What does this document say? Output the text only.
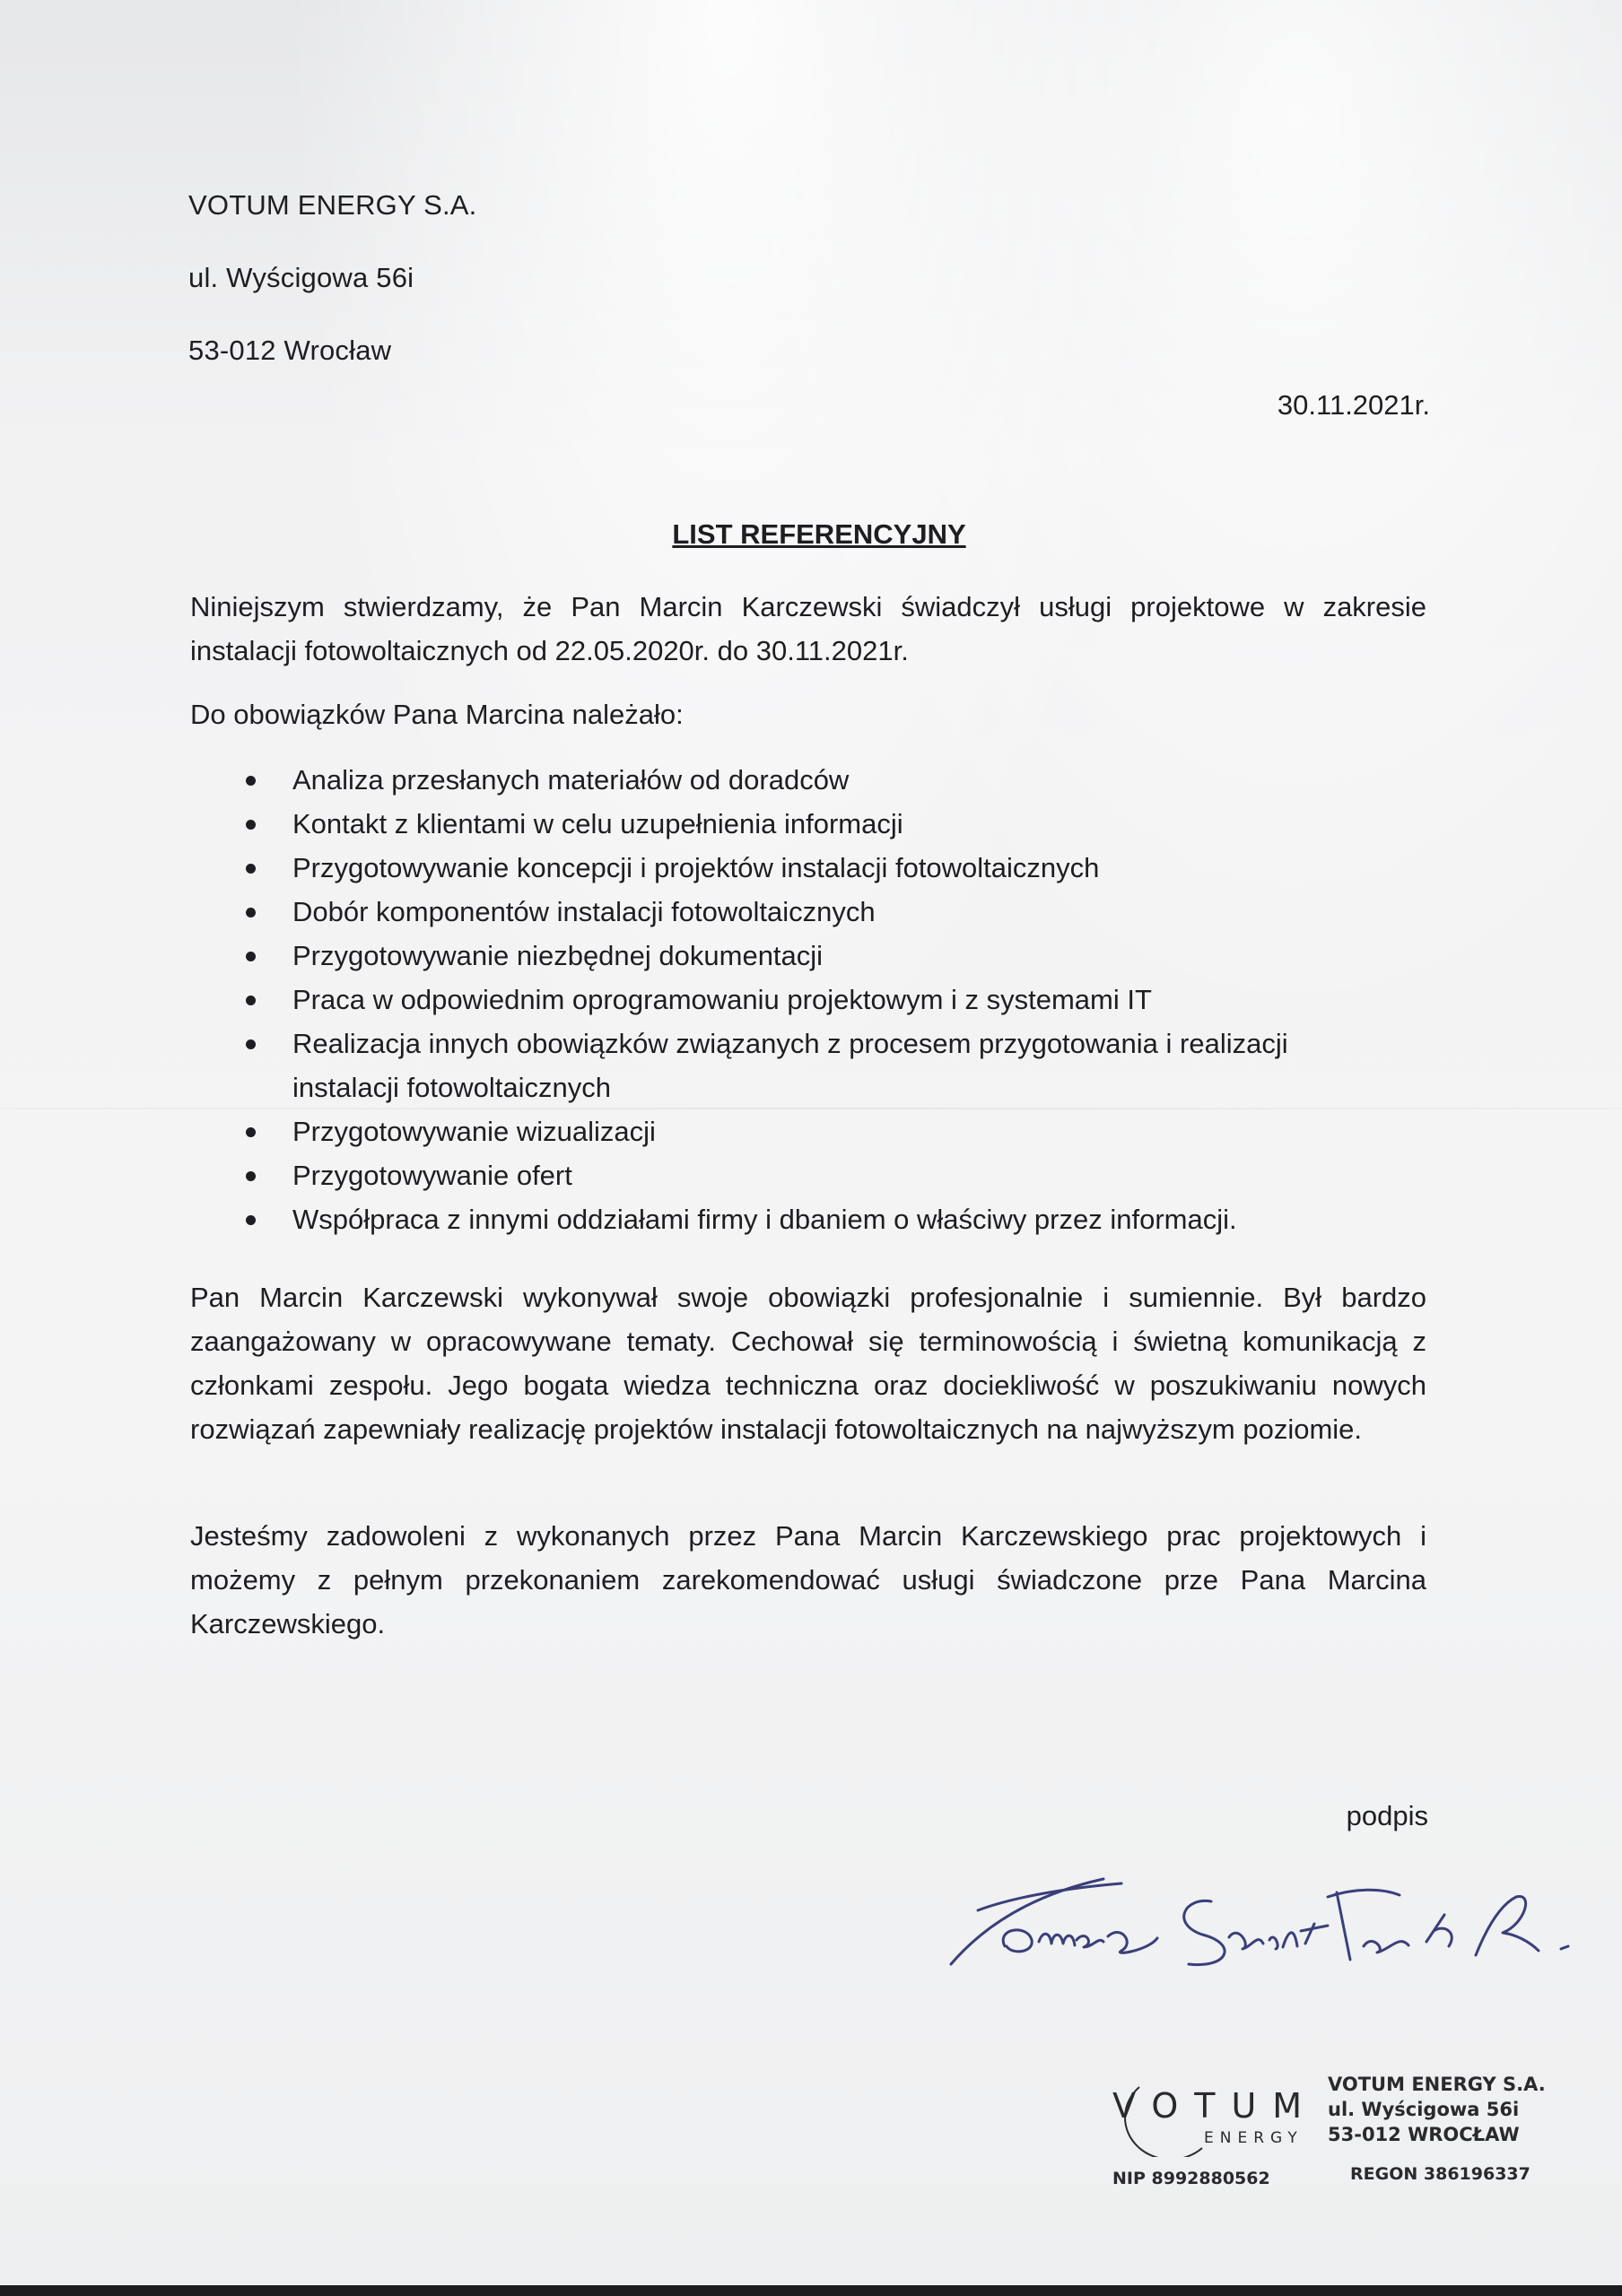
VOTUM ENERGY S.A.
ul. Wyścigowa 56i
53-012 Wrocław
30.11.2021r.
LIST REFERENCYJNY
Niniejszym stwierdzamy, że Pan Marcin Karczewski świadczył usługi projektowe w zakresie instalacji fotowoltaicznych od 22.05.2020r. do 30.11.2021r.
Do obowiązków Pana Marcina należało:
Analiza przesłanych materiałów od doradców
Kontakt z klientami w celu uzupełnienia informacji
Przygotowywanie koncepcji i projektów instalacji fotowoltaicznych
Dobór komponentów instalacji fotowoltaicznych
Przygotowywanie niezbędnej dokumentacji
Praca w odpowiednim oprogramowaniu projektowym i z systemami IT
Realizacja innych obowiązków związanych z procesem przygotowania i realizacji instalacji fotowoltaicznych
Przygotowywanie wizualizacji
Przygotowywanie ofert
Współpraca z innymi oddziałami firmy i dbaniem o właściwy przez informacji.
Pan Marcin Karczewski wykonywał swoje obowiązki profesjonalnie i sumiennie. Był bardzo zaangażowany w opracowywane tematy. Cechował się terminowością i świetną komunikacją z członkami zespołu. Jego bogata wiedza techniczna oraz dociekliwość w poszukiwaniu nowych rozwiązań zapewniały realizację projektów instalacji fotowoltaicznych na najwyższym poziomie.
Jesteśmy zadowoleni z wykonanych przez Pana Marcin Karczewskiego prac projektowych i możemy z pełnym przekonaniem zarekomendować usługi świadczone prze Pana Marcina Karczewskiego.
podpis
VOTUM
ENERGY
VOTUM ENERGY S.A.
ul. Wyścigowa 56i
53-012 WROCŁAW
NIP 8992880562	REGON 386196337
